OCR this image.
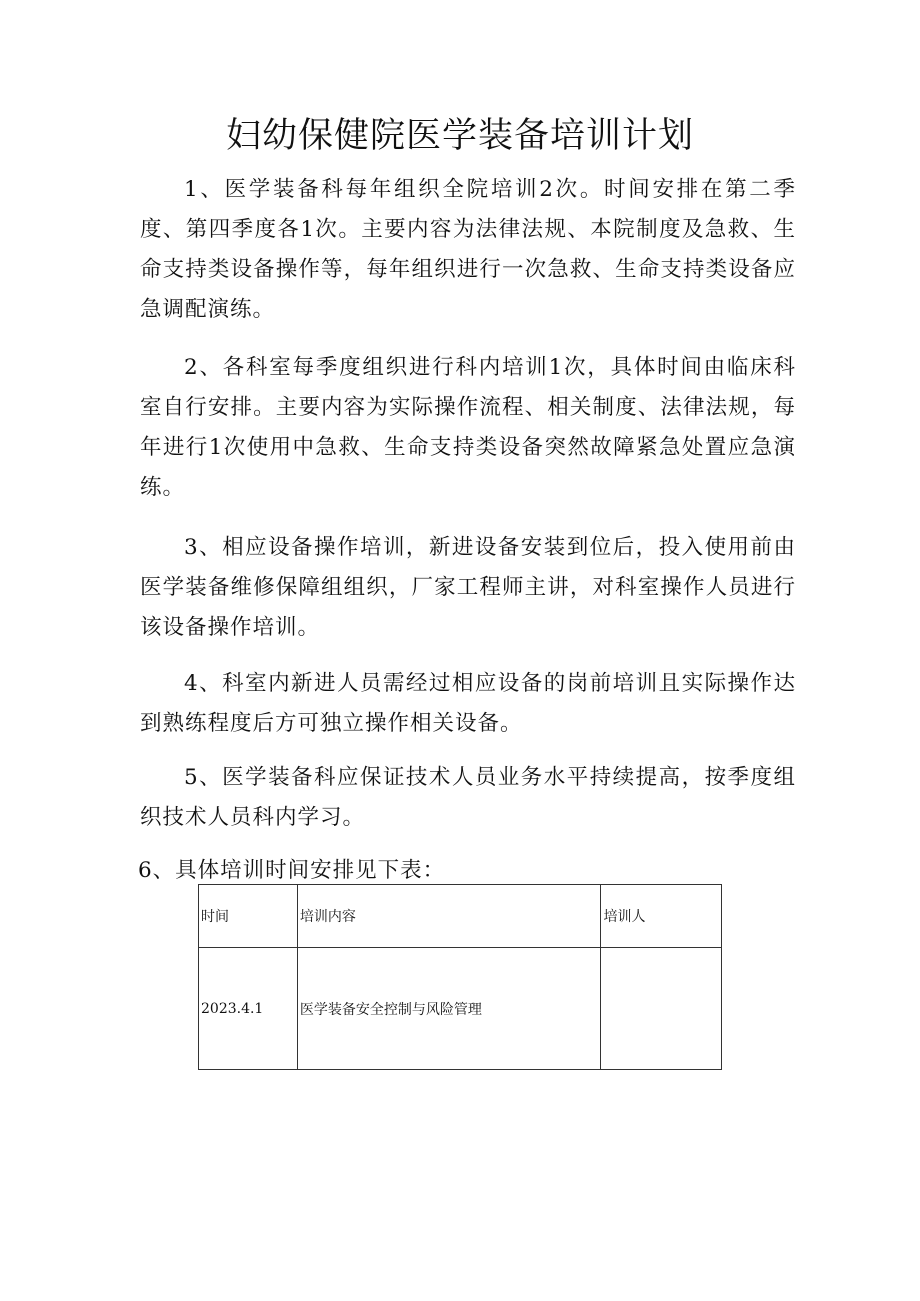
妇幼保健院医学装备培训计划
1、医学装备科每年组织全院培训2次。时间安排在第二季度、第四季度各1次。主要内容为法律法规、本院制度及急救、生命支持类设备操作等，每年组织进行一次急救、生命支持类设备应急调配演练。
2、各科室每季度组织进行科内培训1次，具体时间由临床科室自行安排。主要内容为实际操作流程、相关制度、法律法规，每年进行1次使用中急救、生命支持类设备突然故障紧急处置应急演练。
3、相应设备操作培训，新进设备安装到位后，投入使用前由医学装备维修保障组组织，厂家工程师主讲，对科室操作人员进行该设备操作培训。
4、科室内新进人员需经过相应设备的岗前培训且实际操作达到熟练程度后方可独立操作相关设备。
5、医学装备科应保证技术人员业务水平持续提高，按季度组织技术人员科内学习。
6、具体培训时间安排见下表：
时间	培训内容	培训人
2023.4.1	医学装备安全控制与风险管理	
